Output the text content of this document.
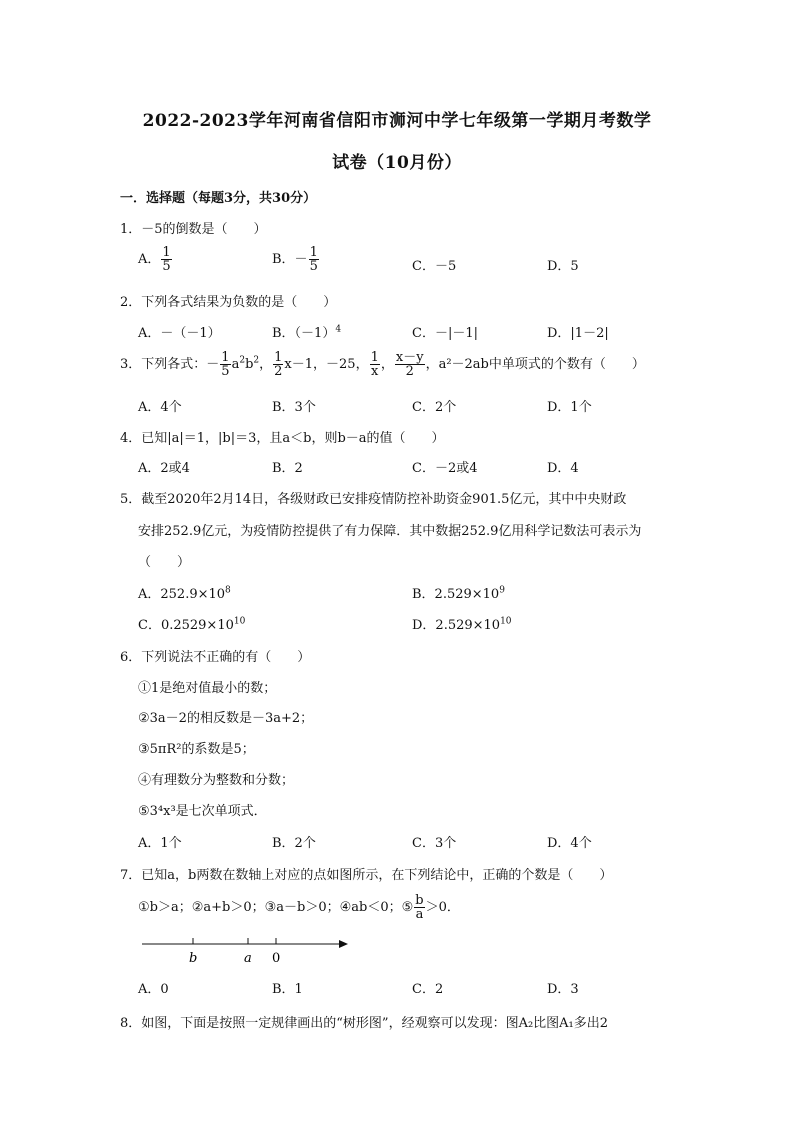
2022-2023学年河南省信阳市浉河中学七年级第一学期月考数学
试卷（10月份）
一．选择题（每题3分，共30分）
1．－5的倒数是（　　）
A． $\frac{1}{5}$	B．－ $\frac{1}{5}$	C．－5	D．5
2．下列各式结果为负数的是（　　）
A．－（－1）	B．$(-1)^4$	C．－|－1|	D．|1－2|
3．下列各式：－ $\frac{1}{5} a^2b^2$， $\frac{1}{2} x-1$，－25， $\frac{1}{x}$ ， $\frac{x-y}{2}$ ，a²－2ab中单项式的个数有（　　）
A．4个	B．3个	C．2个	D．1个
4．已知|a|＝1，|b|＝3，且a＜b，则b－a的值（　　）
A．2或4	B．2	C．－2或4	D．4
5．截至2020年2月14日，各级财政已安排疫情防控补助资金901.5亿元，其中中央财政
安排252.9亿元，为疫情防控提供了有力保障．其中数据252.9亿用科学记数法可表示为
（　　）
A．$252.9\times 10^8$	B．$2.529\times 10^9$
C．$0.2529\times 10^{10}$	D．$2.529\times 10^{10}$
6．下列说法不正确的有（　　）
①1是绝对值最小的数；
②3a－2的相反数是－3a+2；
③5πR²的系数是5；
④有理数分为整数和分数；
⑤3⁴x³是七次单项式．
A．1个	B．2个	C．3个	D．4个
7．已知a，b两数在数轴上对应的点如图所示，在下列结论中，正确的个数是（　　）
①b＞a；②a+b＞0；③a－b＞0；④ab＜0；⑤ $\frac{b}{a} >0$．
b	a 0
A．0	B．1	C．2	D．3
8．如图，下面是按照一定规律画出的“树形图”，经观察可以发现：图A₂比图A₁多出2
